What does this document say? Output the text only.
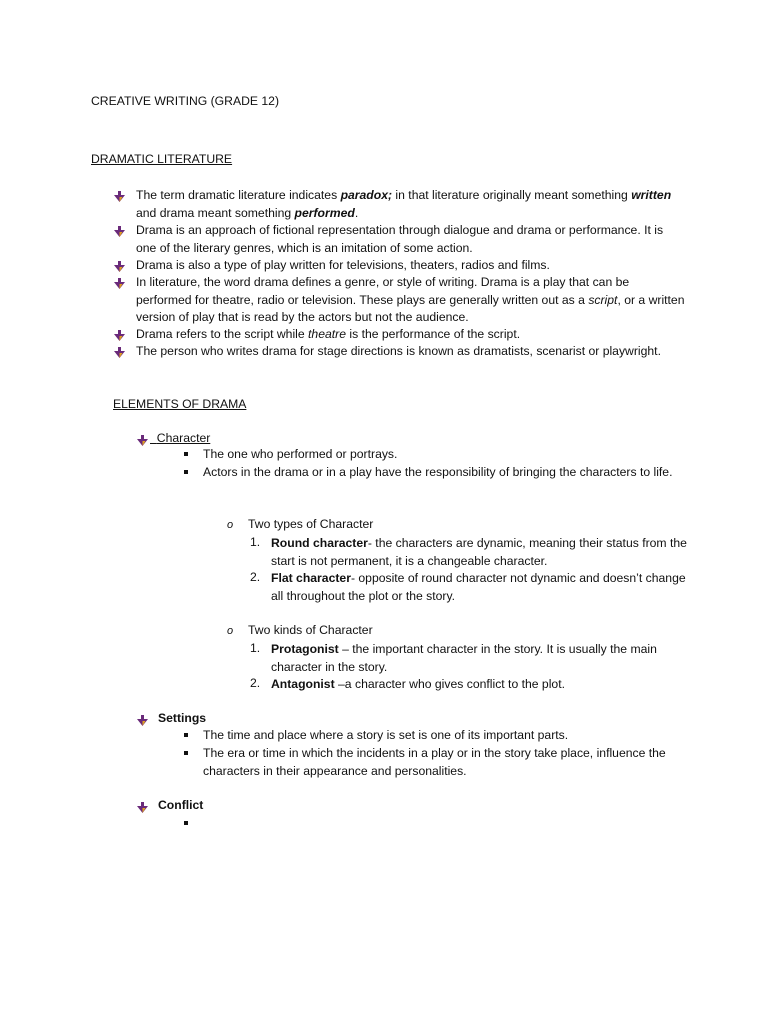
CREATIVE WRITING (GRADE 12)
DRAMATIC LITERATURE
The term dramatic literature indicates paradox; in that literature originally meant something written and drama meant something performed.
Drama is an approach of fictional representation through dialogue and drama or performance. It is one of the literary genres, which is an imitation of some action.
Drama is also a type of play written for televisions, theaters, radios and films.
In literature, the word drama defines a genre, or style of writing. Drama is a play that can be performed for theatre, radio or television. These plays are generally written out as a script, or a written version of play that is read by the actors but not the audience.
Drama refers to the script while theatre is the performance of the script.
The person who writes drama for stage directions is known as dramatists, scenarist or playwright.
ELEMENTS OF DRAMA
Character
The one who performed or portrays.
Actors in the drama or in a play have the responsibility of bringing the characters to life.
o Two types of Character
1. Round character- the characters are dynamic, meaning their status from the start is not permanent, it is a changeable character.
2. Flat character- opposite of round character not dynamic and doesn’t change all throughout the plot or the story.
o Two kinds of Character
1. Protagonist – the important character in the story. It is usually the main character in the story.
2. Antagonist –a character who gives conflict to the plot.
Settings
The time and place where a story is set is one of its important parts.
The era or time in which the incidents in a play or in the story take place, influence the characters in their appearance and personalities.
Conflict
